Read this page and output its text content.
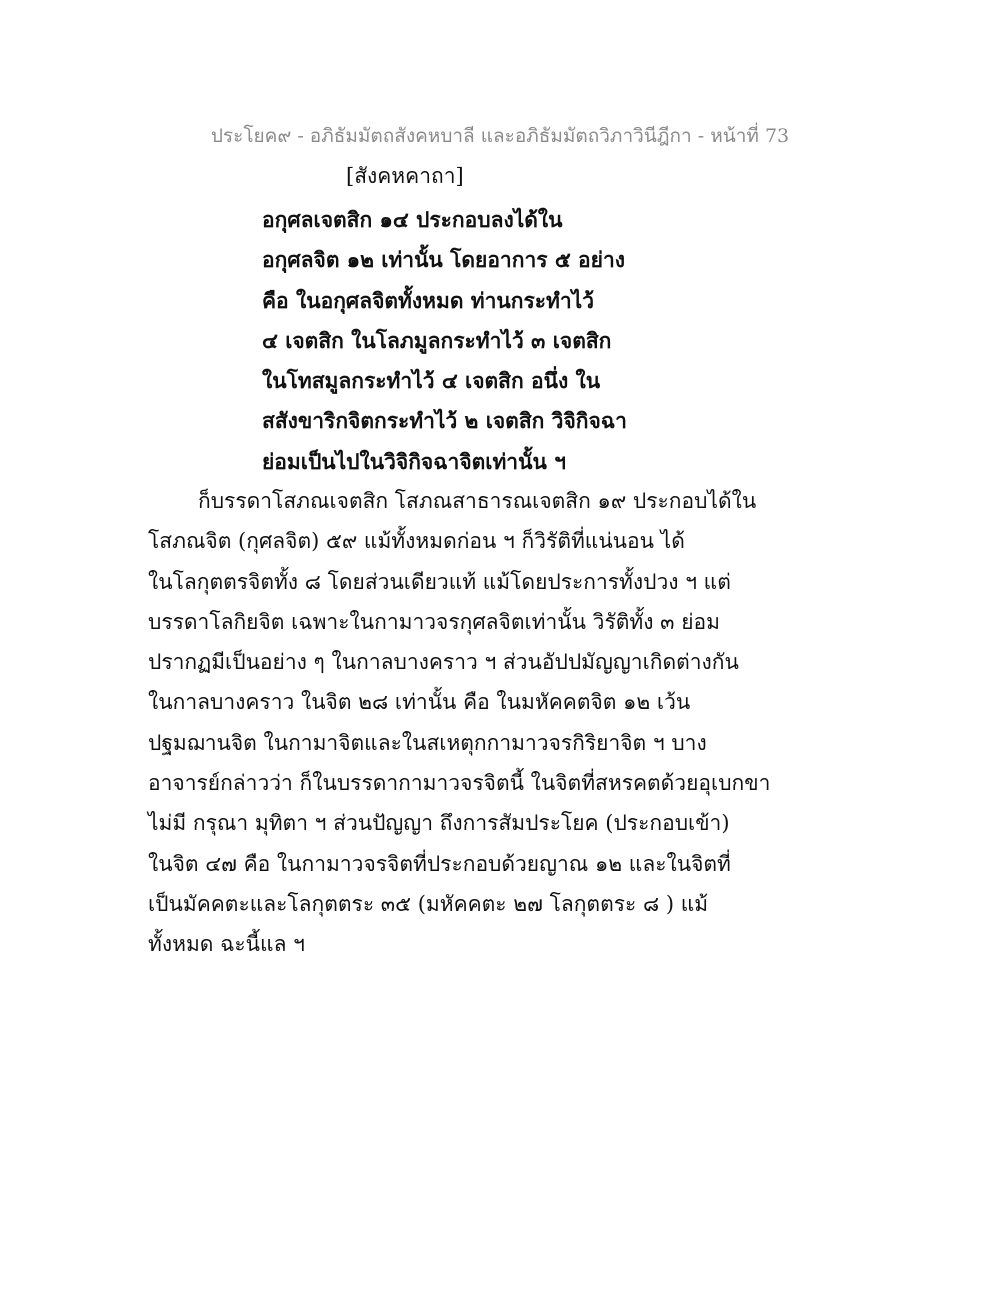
ประโยค๙ - อภิธัมมัตถสังคหบาลี และอภิธัมมัตถวิภาวินีฎีกา - หน้าที่ 73
[สังคหคาถา]
อกุศลเจตสิก ๑๔ ประกอบลงได้ใน
อกุศลจิต ๑๒ เท่านั้น โดยอาการ ๕ อย่าง
คือ ในอกุศลจิตทั้งหมด ท่านกระทำไว้
๔ เจตสิก ในโลภมูลกระทำไว้ ๓ เจตสิก
ในโทสมูลกระทำไว้ ๔ เจตสิก อนึ่ง ใน
สสังขาริกจิตกระทำไว้ ๒ เจตสิก วิจิกิจฉา
ย่อมเป็นไปในวิจิกิจฉาจิตเท่านั้น ฯ
ก็บรรดาโสภณเจตสิก โสภณสาธารณเจตสิก ๑๙ ประกอบได้ใน
โสภณจิต (กุศลจิต) ๕๙ แม้ทั้งหมดก่อน ฯ ก็วิรัติที่แน่นอน ได้
ในโลกุตตรจิตทั้ง ๘ โดยส่วนเดียวแท้ แม้โดยประการทั้งปวง ฯ แต่
บรรดาโลกิยจิต เฉพาะในกามาวจรกุศลจิตเท่านั้น วิรัติทั้ง ๓ ย่อม
ปรากฏมีเป็นอย่าง ๆ ในกาลบางคราว ฯ ส่วนอัปปมัญญาเกิดต่างกัน
ในกาลบางคราว ในจิต ๒๘ เท่านั้น คือ ในมหัคคตจิต ๑๒ เว้น
ปฐมฌานจิต ในกามาจิตและในสเหตุกกามาวจรกิริยาจิต ฯ บาง
อาจารย์กล่าวว่า ก็ในบรรดากามาวจรจิตนี้ ในจิตที่สหรคตด้วยอุเบกขา
ไม่มี กรุณา มุทิตา ฯ ส่วนปัญญา ถึงการสัมประโยค (ประกอบเข้า)
ในจิต ๔๗ คือ ในกามาวจรจิตที่ประกอบด้วยญาณ ๑๒ และในจิตที่
เป็นมัคคตะและโลกุตตระ ๓๕ (มหัคคตะ ๒๗ โลกุตตระ ๘ ) แม้
ทั้งหมด ฉะนี้แล ฯ
